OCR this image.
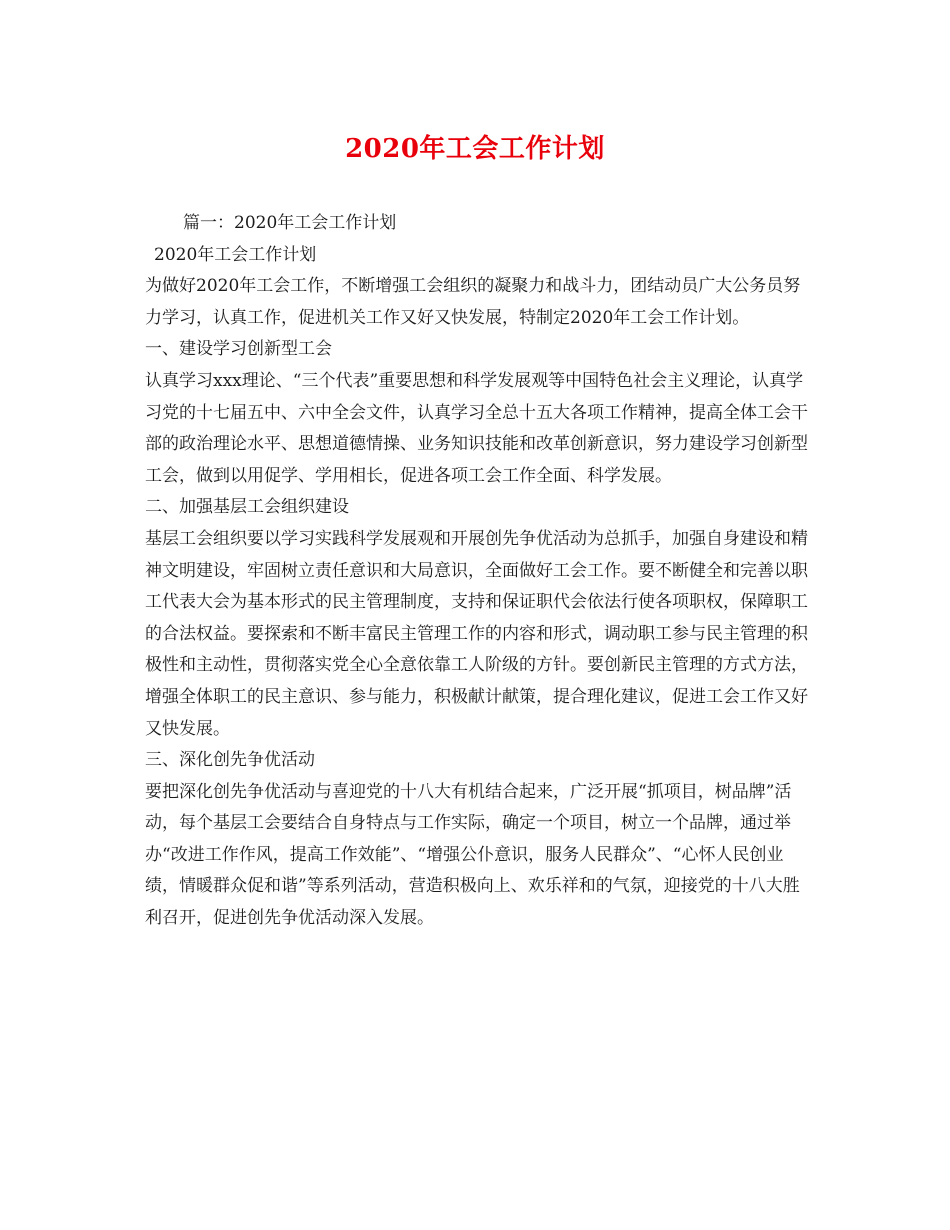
2020年工会工作计划

篇一：2020年工会工作计划

2020年工会工作计划

为做好2020年工会工作，不断增强工会组织的凝聚力和战斗力，团结动员广大公务员努力学习，认真工作，促进机关工作又好又快发展，特制定2020年工会工作计划。

一、建设学习创新型工会

认真学习xxx理论、“三个代表”重要思想和科学发展观等中国特色社会主义理论，认真学习党的十七届五中、六中全会文件，认真学习全总十五大各项工作精神，提高全体工会干部的政治理论水平、思想道德情操、业务知识技能和改革创新意识，努力建设学习创新型工会，做到以用促学、学用相长，促进各项工会工作全面、科学发展。

二、加强基层工会组织建设

基层工会组织要以学习实践科学发展观和开展创先争优活动为总抓手，加强自身建设和精神文明建设，牢固树立责任意识和大局意识，全面做好工会工作。要不断健全和完善以职工代表大会为基本形式的民主管理制度，支持和保证职代会依法行使各项职权，保障职工的合法权益。要探索和不断丰富民主管理工作的内容和形式，调动职工参与民主管理的积极性和主动性，贯彻落实党全心全意依靠工人阶级的方针。要创新民主管理的方式方法，增强全体职工的民主意识、参与能力，积极献计献策，提合理化建议，促进工会工作又好又快发展。

三、深化创先争优活动

要把深化创先争优活动与喜迎党的十八大有机结合起来，广泛开展“抓项目，树品牌”活动，每个基层工会要结合自身特点与工作实际，确定一个项目，树立一个品牌，通过举办“改进工作作风，提高工作效能”、“增强公仆意识，服务人民群众”、“心怀人民创业绩，情暖群众促和谐”等系列活动，营造积极向上、欢乐祥和的气氛，迎接党的十八大胜利召开，促进创先争优活动深入发展。
